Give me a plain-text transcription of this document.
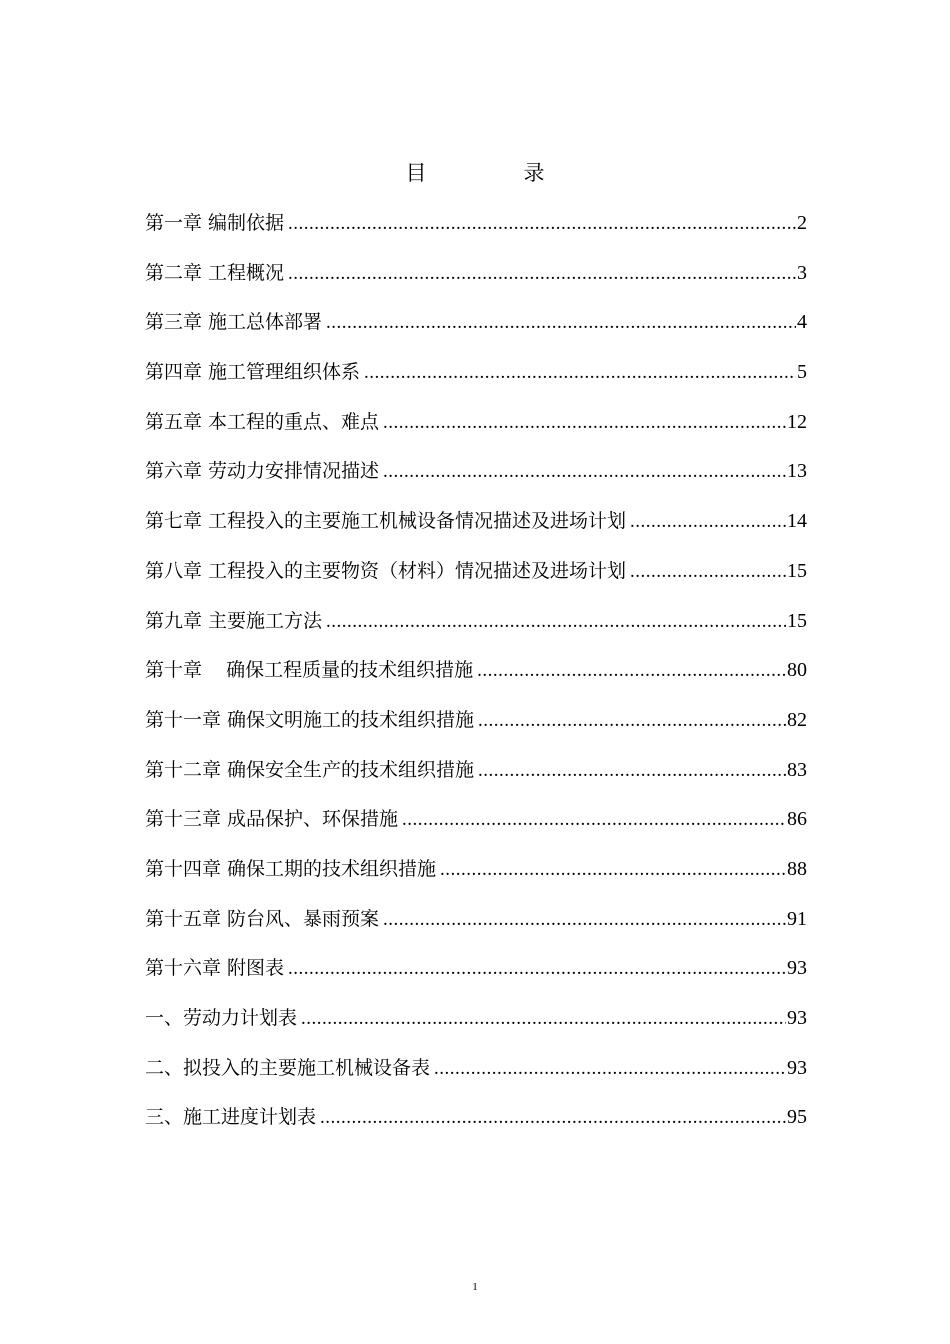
目　录
第一章 编制依据 .....	2
第二章 工程概况 .....	3
第三章 施工总体部署 .....	4
第四章 施工管理组织体系 .....	5
第五章 本工程的重点、难点 .....	12
第六章 劳动力安排情况描述 .....	13
第七章 工程投入的主要施工机械设备情况描述及进场计划 .....	14
第八章 工程投入的主要物资（材料）情况描述及进场计划 .....	15
第九章 主要施工方法 .....	15
第十章    确保工程质量的技术组织措施 .....	80
第十一章 确保文明施工的技术组织措施 .....	82
第十二章 确保安全生产的技术组织措施 .....	83
第十三章 成品保护、环保措施 .....	86
第十四章 确保工期的技术组织措施 .....	88
第十五章 防台风、暴雨预案 .....	91
第十六章 附图表 .....	93
一、劳动力计划表 .....	93
二、拟投入的主要施工机械设备表 .....	93
三、施工进度计划表 .....	95
1
